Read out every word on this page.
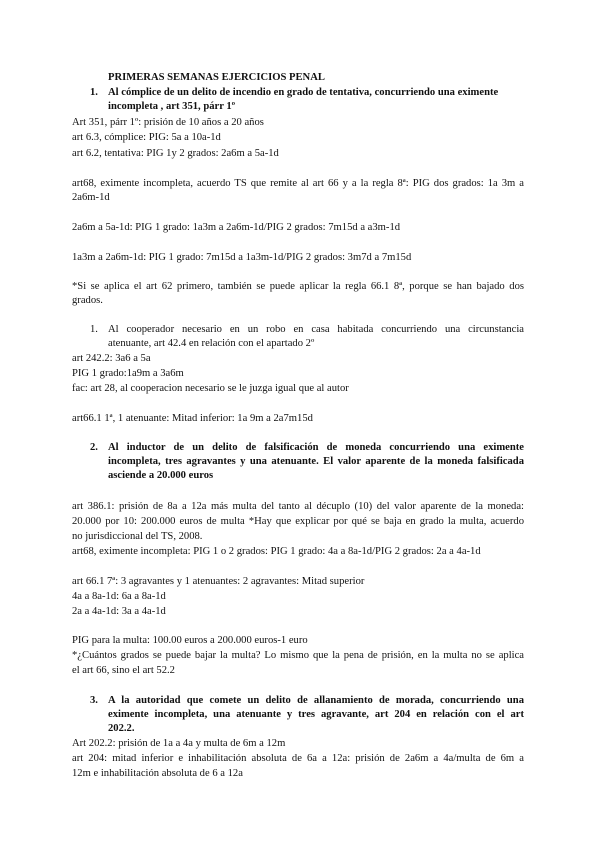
PRIMERAS SEMANAS EJERCICIOS PENAL
1. Al cómplice de un delito de incendio en grado de tentativa, concurriendo una eximente
incompleta , art 351, párr 1º
Art 351, párr 1º: prisión de 10 años a 20 años
art 6.3, cómplice: PIG: 5a a 10a-1d
art 6.2, tentativa: PIG 1y 2 grados: 2a6m a 5a-1d
art68, eximente incompleta, acuerdo TS que remite al art 66 y a la regla 8ª: PIG dos grados: 1a 3m a
2a6m-1d
2a6m a 5a-1d: PIG 1 grado: 1a3m a 2a6m-1d/PIG 2 grados: 7m15d a a3m-1d
1a3m a 2a6m-1d: PIG 1 grado: 7m15d a 1a3m-1d/PIG 2 grados: 3m7d a 7m15d
*Si se aplica el art 62 primero, también se puede aplicar la regla 66.1 8ª, porque se han bajado dos
grados.
1. Al cooperador necesario en un robo en casa habitada concurriendo una circunstancia
atenuante, art 42.4 en relación con el apartado 2º
art 242.2: 3a6 a 5a
PIG 1 grado:1a9m a 3a6m
fac: art 28, al cooperacion necesario se le juzga igual que al autor
art66.1 1ª, 1 atenuante: Mitad inferior: 1a 9m a 2a7m15d
2. Al inductor de un delito de falsificación de moneda concurriendo una eximente
incompleta, tres agravantes y una atenuante. El valor aparente de la moneda falsificada
asciende a 20.000 euros
art 386.1: prisión de 8a a 12a más multa del tanto al décuplo (10) del valor aparente de la moneda:
20.000 por 10: 200.000 euros de multa *Hay que explicar por qué se baja en grado la multa, acuerdo
no jurisdiccional del TS, 2008.
art68, eximente incompleta: PIG 1 o 2 grados: PIG 1 grado: 4a a 8a-1d/PIG 2 grados: 2a a 4a-1d
art 66.1 7ª: 3 agravantes y 1 atenuantes: 2 agravantes: Mitad superior
4a a 8a-1d: 6a a 8a-1d
2a a 4a-1d: 3a a 4a-1d
PIG para la multa: 100.00 euros a 200.000 euros-1 euro
*¿Cuántos grados se puede bajar la multa? Lo mismo que la pena de prisión, en la multa no se aplica
el art 66, sino el art 52.2
3. A la autoridad que comete un delito de allanamiento de morada, concurriendo una
eximente incompleta, una atenuante y tres agravante, art 204 en relación con el art
202.2.
Art 202.2: prisión de 1a a 4a y multa de 6m a 12m
art 204: mitad inferior e inhabilitación absoluta de 6a a 12a: prisión de 2a6m a 4a/multa de 6m a
12m e inhabilitación absoluta de 6 a 12a
